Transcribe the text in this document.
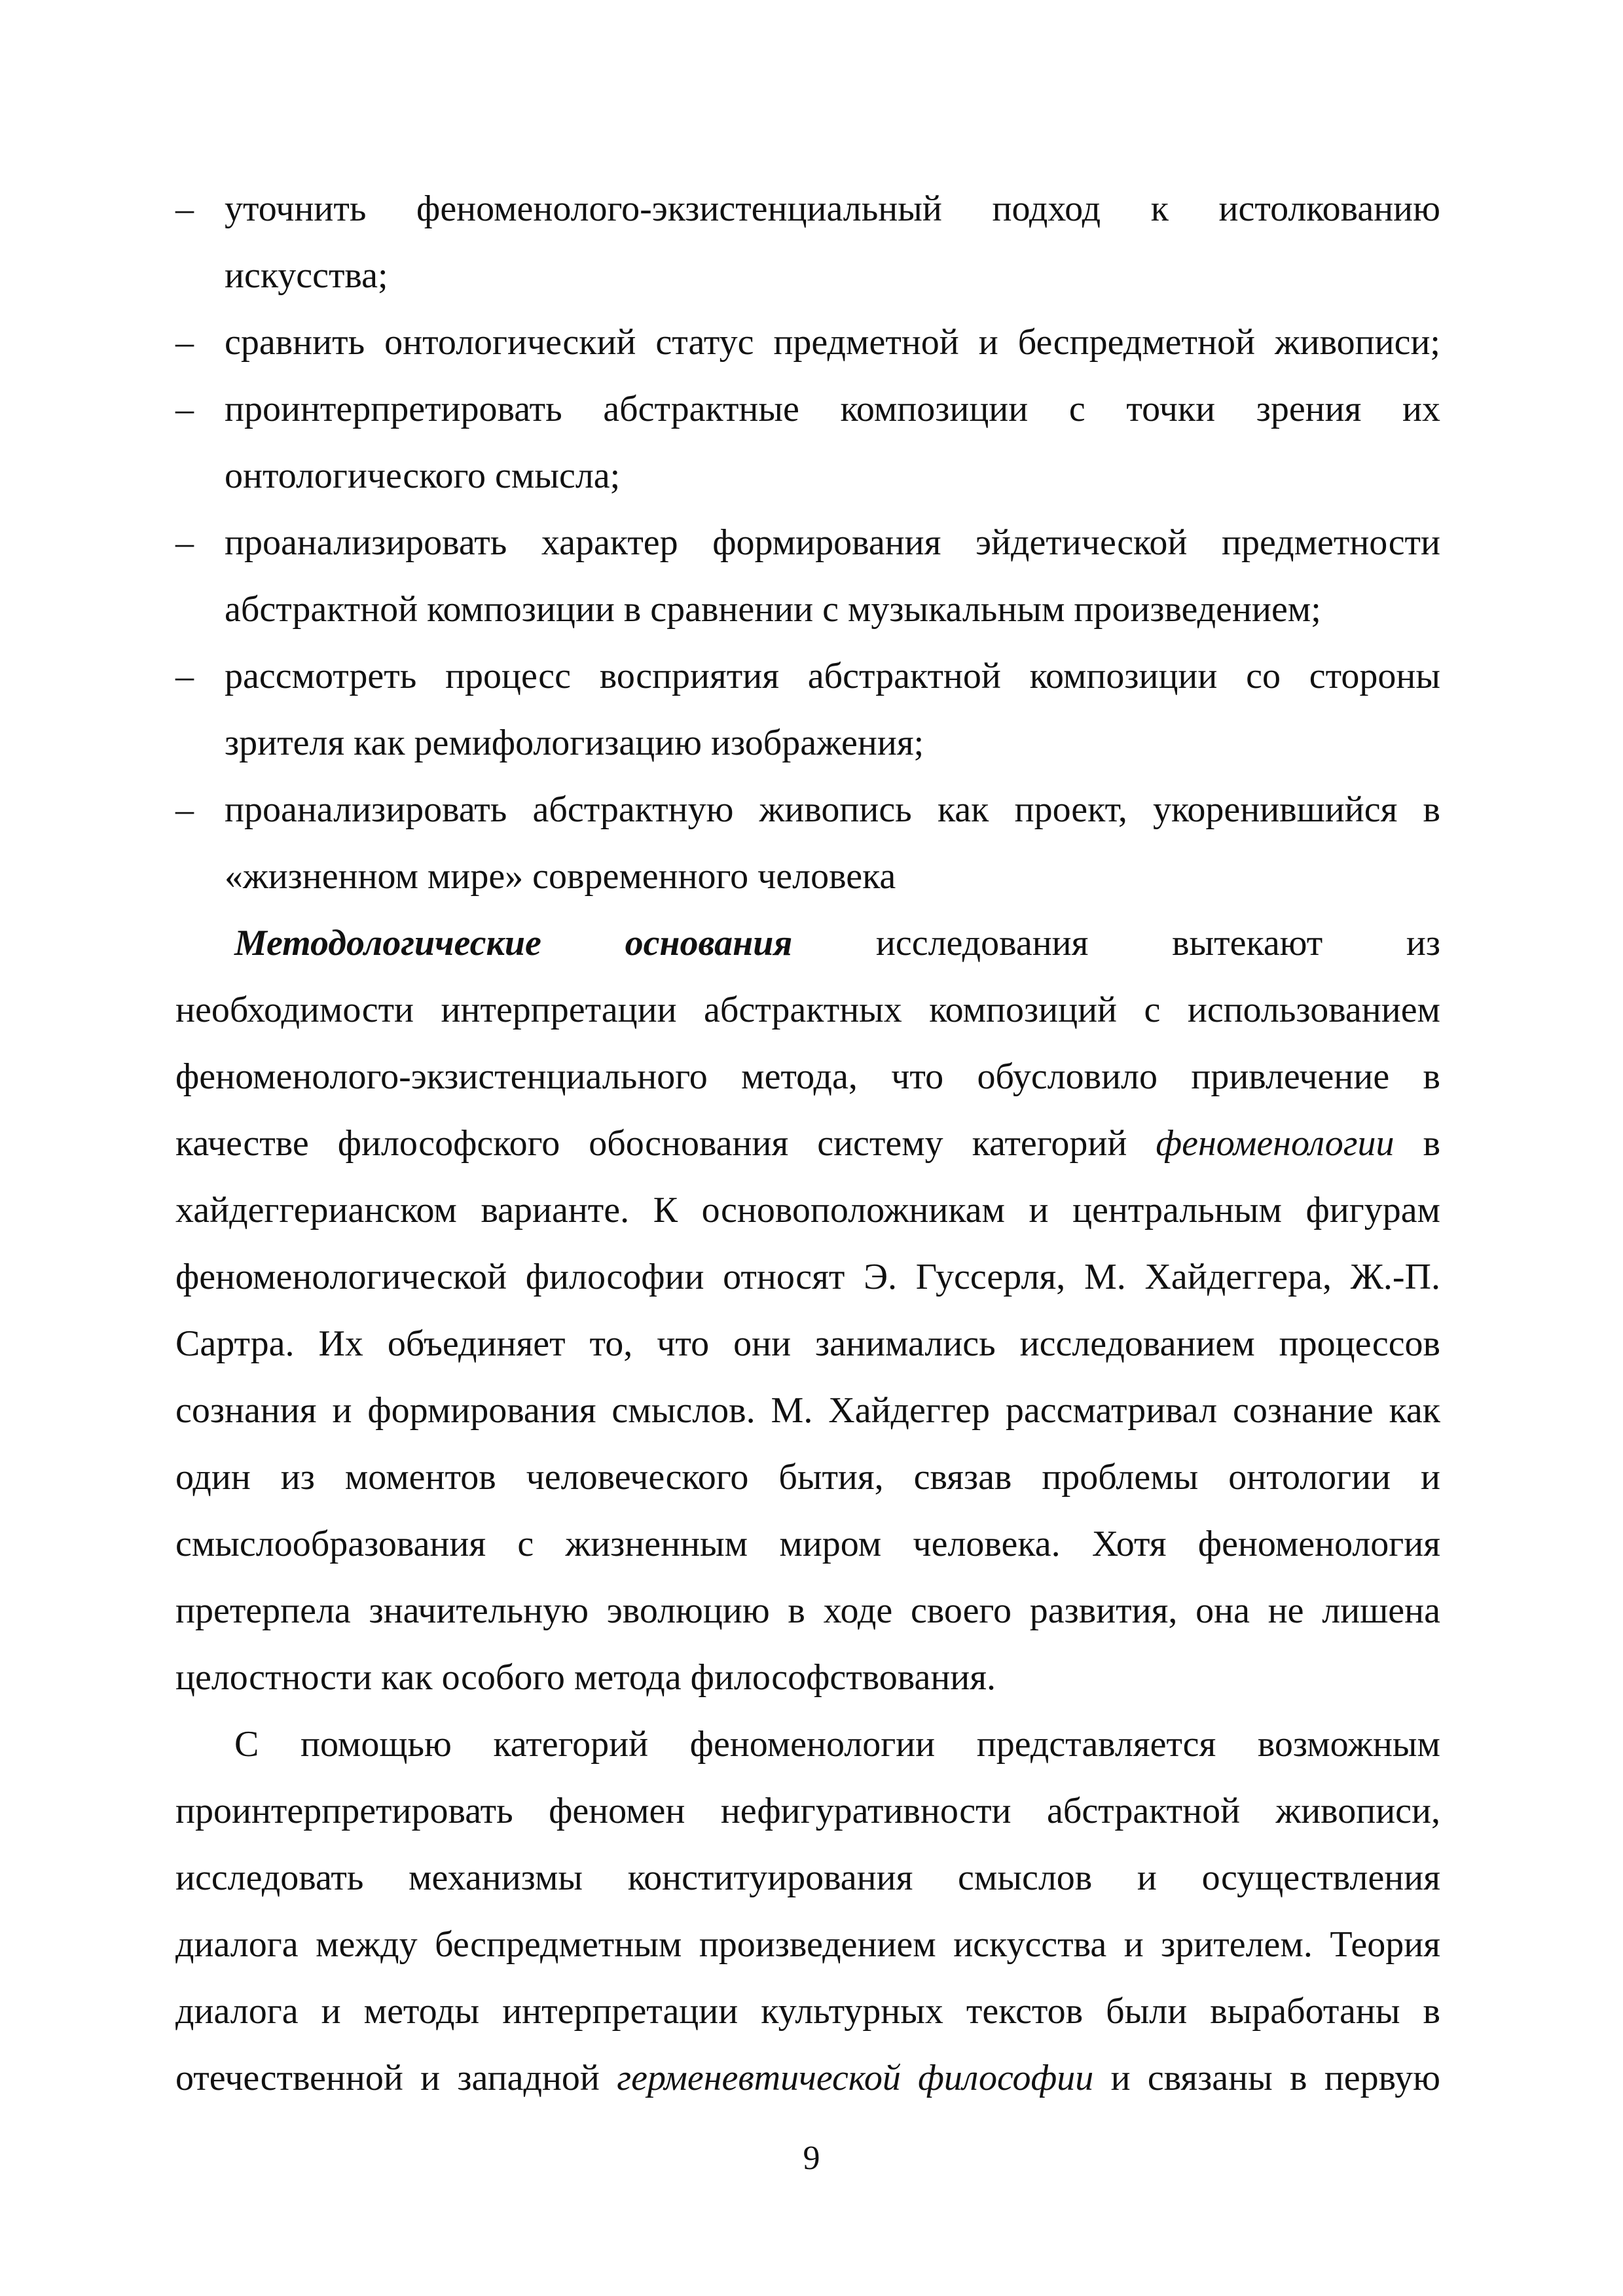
– уточнить феноменолого-экзистенциальный подход к истолкованию
искусства;
– сравнить онтологический статус предметной и беспредметной живописи;
– проинтерпретировать абстрактные композиции с точки зрения их
онтологического смысла;
– проанализировать характер формирования эйдетической предметности
абстрактной композиции в сравнении с музыкальным произведением;
– рассмотреть процесс восприятия абстрактной композиции со стороны
зрителя как ремифологизацию изображения;
– проанализировать абстрактную живопись как проект, укоренившийся в
«жизненном мире» современного человека
Методологические основания исследования вытекают из
необходимости интерпретации абстрактных композиций с использованием
феноменолого-экзистенциального метода, что обусловило привлечение в
качестве философского обоснования систему категорий феноменологии в
хайдеггерианском варианте. К основоположникам и центральным фигурам
феноменологической философии относят Э. Гуссерля, М. Хайдеггера, Ж.-П.
Сартра. Их объединяет то, что они занимались исследованием процессов
сознания и формирования смыслов. М. Хайдеггер рассматривал сознание как
один из моментов человеческого бытия, связав проблемы онтологии и
смыслообразования с жизненным миром человека. Хотя феноменология
претерпела значительную эволюцию в ходе своего развития, она не лишена
целостности как особого метода философствования.
С помощью категорий феноменологии представляется возможным
проинтерпретировать феномен нефигуративности абстрактной живописи,
исследовать механизмы конституирования смыслов и осуществления
диалога между беспредметным произведением искусства и зрителем. Теория
диалога и методы интерпретации культурных текстов были выработаны в
отечественной и западной герменевтической философии и связаны в первую
9
